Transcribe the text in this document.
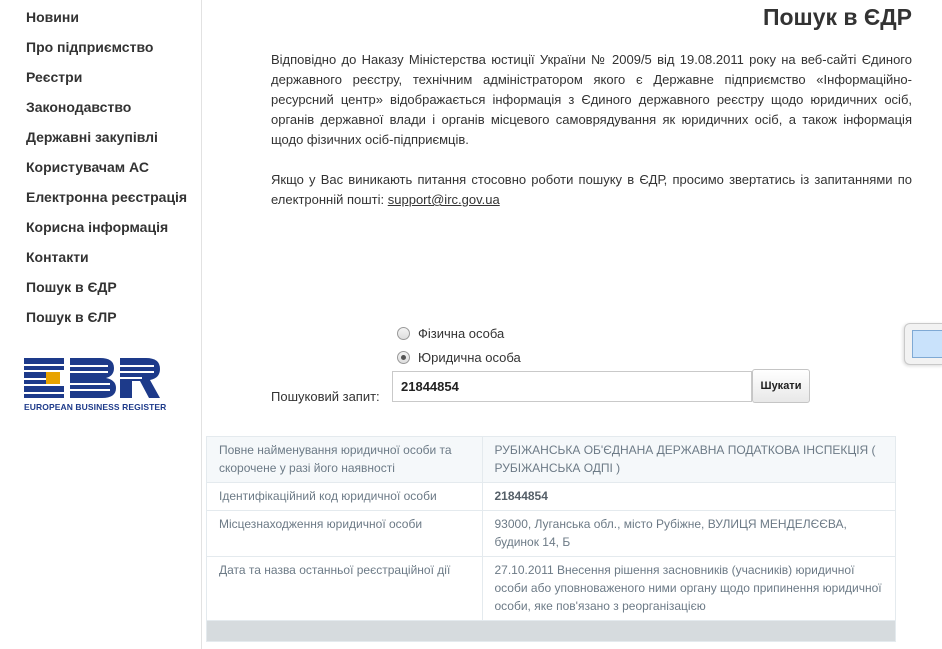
Новини
Про підприємство
Реєстри
Законодавство
Державні закупівлі
Користувачам АС
Електронна реєстрація
Корисна інформація
Контакти
Пошук в ЄДР
Пошук в ЄЛР
EUROPEAN BUSINESS REGISTER
Пошук в ЄДР

Відповідно до Наказу Міністерства юстиції України № 2009/5 від 19.08.2011 року на веб-сайті Єдиного державного реєстру, технічним адміністратором якого є Державне підприємство «Інформаційно-ресурсний центр» відображається інформація з Єдиного державного реєстру щодо юридичних осіб, органів державної влади і органів місцевого самоврядування як юридичних осіб, а також інформація щодо фізичних осіб-підприємців.

Якщо у Вас виникають питання стосовно роботи пошуку в ЄДР, просимо звертатись із запитаннями по електронній пошті: support@irc.gov.ua

Фізична особа
Юридична особа
Пошуковий запит:
21844854
Шукати
Повне найменування юридичної особи та скорочене у разі його наявності	РУБІЖАНСЬКА ОБ'ЄДНАНА ДЕРЖАВНА ПОДАТКОВА ІНСПЕКЦІЯ ( РУБІЖАНСЬКА ОДПІ )
Ідентифікаційний код юридичної особи	21844854
Місцезнаходження юридичної особи	93000, Луганська обл., місто Рубіжне, ВУЛИЦЯ МЕНДЕЛЄЄВА, будинок 14, Б
Дата та назва останньої реєстраційної дії	27.10.2011 Внесення рішення засновників (учасників) юридичної особи або уповноваженого ними органу щодо припинення юридичної особи, яке пов'язано з реорганізацією
